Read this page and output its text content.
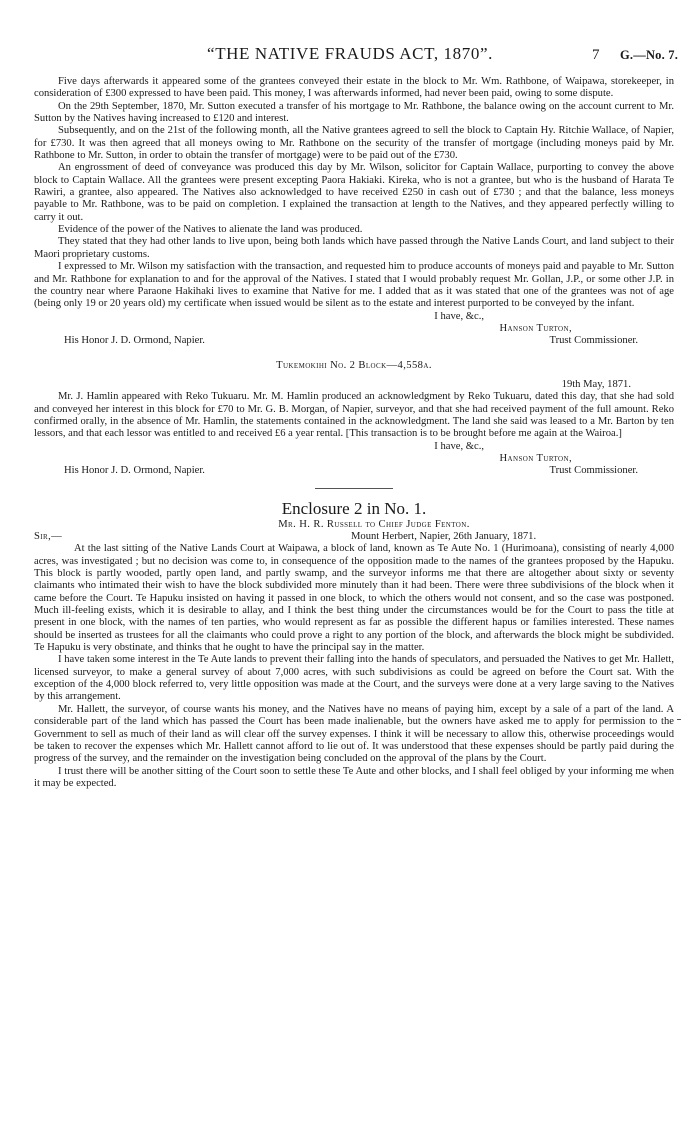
“THE NATIVE FRAUDS ACT, 1870”.	7 G.—No. 7.

Five days afterwards it appeared some of the grantees conveyed their estate in the block to Mr. Wm. Rathbone, of Waipawa, storekeeper, in consideration of £300 expressed to have been paid. This money, I was afterwards informed, had never been paid, owing to some dispute.

On the 29th September, 1870, Mr. Sutton executed a transfer of his mortgage to Mr. Rathbone, the balance owing on the account current to Mr. Sutton by the Natives having increased to £120 and interest.

Subsequently, and on the 21st of the following month, all the Native grantees agreed to sell the block to Captain Hy. Ritchie Wallace, of Napier, for £730. It was then agreed that all moneys owing to Mr. Rathbone on the security of the transfer of mortgage (including moneys paid by Mr. Rathbone to Mr. Sutton, in order to obtain the transfer of mortgage) were to be paid out of the £730.

An engrossment of deed of conveyance was produced this day by Mr. Wilson, solicitor for Captain Wallace, purporting to convey the above block to Captain Wallace. All the grantees were present excepting Paora Hakiaki. Kireka, who is not a grantee, but who is the husband of Harata Te Rawiri, a grantee, also appeared. The Natives also acknowledged to have received £250 in cash out of £730 ; and that the balance, less moneys payable to Mr. Rathbone, was to be paid on completion. I explained the transaction at length to the Natives, and they appeared perfectly willing to carry it out.

Evidence of the power of the Natives to alienate the land was produced.

They stated that they had other lands to live upon, being both lands which have passed through the Native Lands Court, and land subject to their Maori proprietary customs.

I expressed to Mr. Wilson my satisfaction with the transaction, and requested him to produce accounts of moneys paid and payable to Mr. Sutton and Mr. Rathbone for explanation to and for the approval of the Natives. I stated that I would probably request Mr. Gollan, J.P., or some other J.P. in the country near where Paraone Hakihaki lives to examine that Native for me. I added that as it was stated that one of the grantees was not of age (being only 19 or 20 years old) my certificate when issued would be silent as to the estate and interest purported to be conveyed by the infant.

I have, &c.,
Hanson Turton,
His Honor J. D. Ormond, Napier.	Trust Commissioner.
Tukemokihi No. 2 Block—4,558a.
19th May, 1871.

Mr. J. Hamlin appeared with Reko Tukuaru. Mr. M. Hamlin produced an acknowledgment by Reko Tukuaru, dated this day, that she had sold and conveyed her interest in this block for £70 to Mr. G. B. Morgan, of Napier, surveyor, and that she had received payment of the full amount. Reko confirmed orally, in the absence of Mr. Hamlin, the statements contained in the acknowledgment. The land she said was leased to a Mr. Barton by ten lessors, and that each lessor was entitled to and received £6 a year rental. [This transaction is to be brought before me again at the Wairoa.]

I have, &c.,
Hanson Turton,
His Honor J. D. Ormond, Napier.	Trust Commissioner.
Enclosure 2 in No. 1.
Mr. H. R. Russell to Chief Judge Fenton.
Sir,—	Mount Herbert, Napier, 26th January, 1871.

At the last sitting of the Native Lands Court at Waipawa, a block of land, known as Te Aute No. 1 (Hurimoana), consisting of nearly 4,000 acres, was investigated ; but no decision was come to, in consequence of the opposition made to the names of the grantees proposed by the Hapuku. This block is partly wooded, partly open land, and partly swamp, and the surveyor informs me that there are altogether about sixty or seventy claimants who intimated their wish to have the block subdivided more minutely than it had been. There were three subdivisions of the block when it came before the Court. Te Hapuku insisted on having it passed in one block, to which the others would not consent, and so the case was postponed. Much ill-feeling exists, which it is desirable to allay, and I think the best thing under the circumstances would be for the Court to pass the title at present in one block, with the names of ten parties, who would represent as far as possible the different hapus or families interested. These names should be inserted as trustees for all the claimants who could prove a right to any portion of the block, and afterwards the block might be subdivided. Te Hapuku is very obstinate, and thinks that he ought to have the principal say in the matter.

I have taken some interest in the Te Aute lands to prevent their falling into the hands of speculators, and persuaded the Natives to get Mr. Hallett, licensed surveyor, to make a general survey of about 7,000 acres, with such subdivisions as could be agreed on before the Court sat. With the exception of the 4,000 block referred to, very little opposition was made at the Court, and the surveys were done at a very large saving to the Natives by this arrangement.

Mr. Hallett, the surveyor, of course wants his money, and the Natives have no means of paying him, except by a sale of a part of the land. A considerable part of the land which has passed the Court has been made inalienable, but the owners have asked me to apply for permission to the Government to sell as much of their land as will clear off the survey expenses. I think it will be necessary to allow this, otherwise proceedings would be taken to recover the expenses which Mr. Hallett cannot afford to lie out of. It was understood that these expenses should be partly paid during the progress of the survey, and the remainder on the investigation being concluded on the approval of the plans by the Court.

I trust there will be another sitting of the Court soon to settle these Te Aute and other blocks, and I shall feel obliged by your informing me when it may be expected.
